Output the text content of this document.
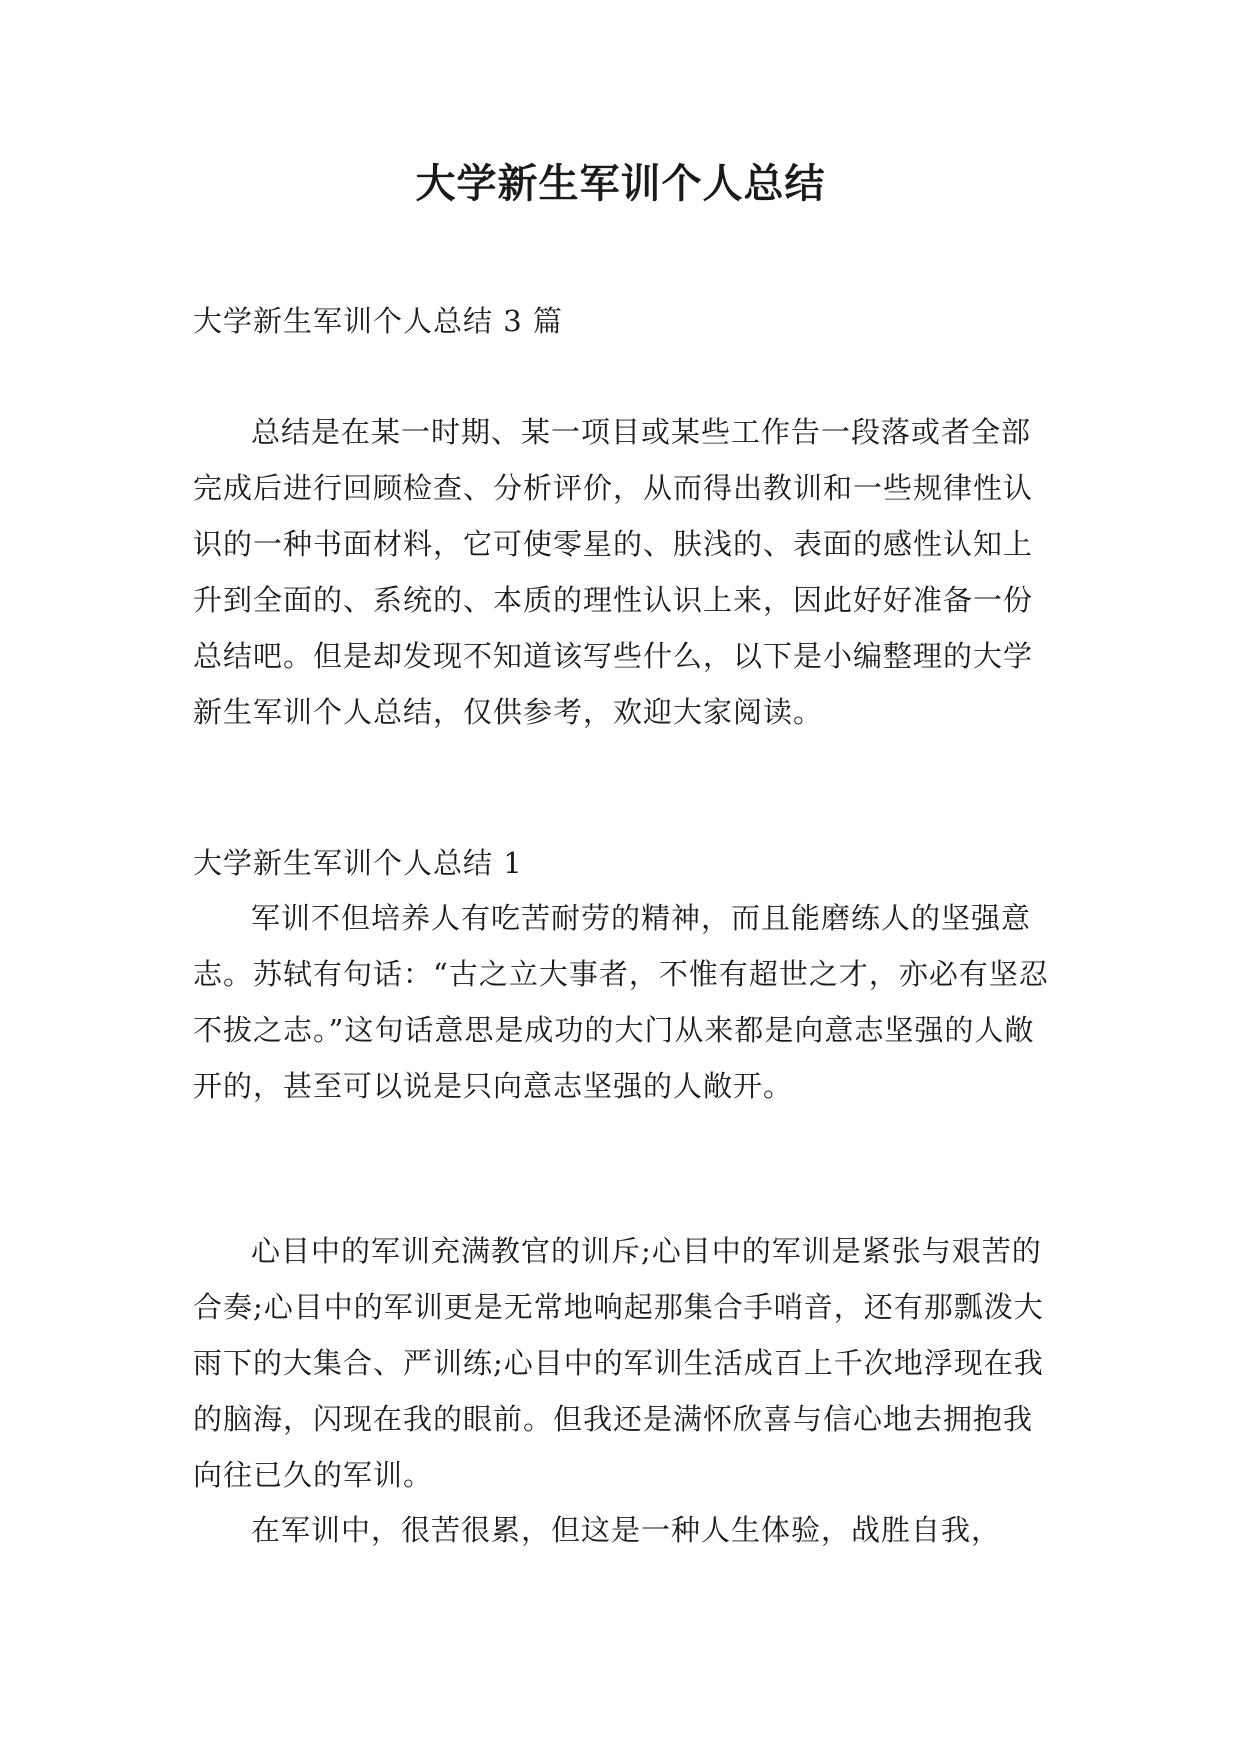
大学新生军训个人总结

大学新生军训个人总结 3 篇

总结是在某一时期、某一项目或某些工作告一段落或者全部完成后进行回顾检查、分析评价，从而得出教训和一些规律性认识的一种书面材料，它可使零星的、肤浅的、表面的感性认知上升到全面的、系统的、本质的理性认识上来，因此好好准备一份总结吧。但是却发现不知道该写些什么，以下是小编整理的大学新生军训个人总结，仅供参考，欢迎大家阅读。

大学新生军训个人总结 1

军训不但培养人有吃苦耐劳的精神，而且能磨练人的坚强意志。苏轼有句话：“古之立大事者，不惟有超世之才，亦必有坚忍不拔之志。”这句话意思是成功的大门从来都是向意志坚强的人敞开的，甚至可以说是只向意志坚强的人敞开。

心目中的军训充满教官的训斥;心目中的军训是紧张与艰苦的合奏;心目中的军训更是无常地响起那集合手哨音，还有那瓢泼大雨下的大集合、严训练;心目中的军训生活成百上千次地浮现在我的脑海，闪现在我的眼前。但我还是满怀欣喜与信心地去拥抱我向往已久的军训。

在军训中，很苦很累，但这是一种人生体验，战胜自我，
